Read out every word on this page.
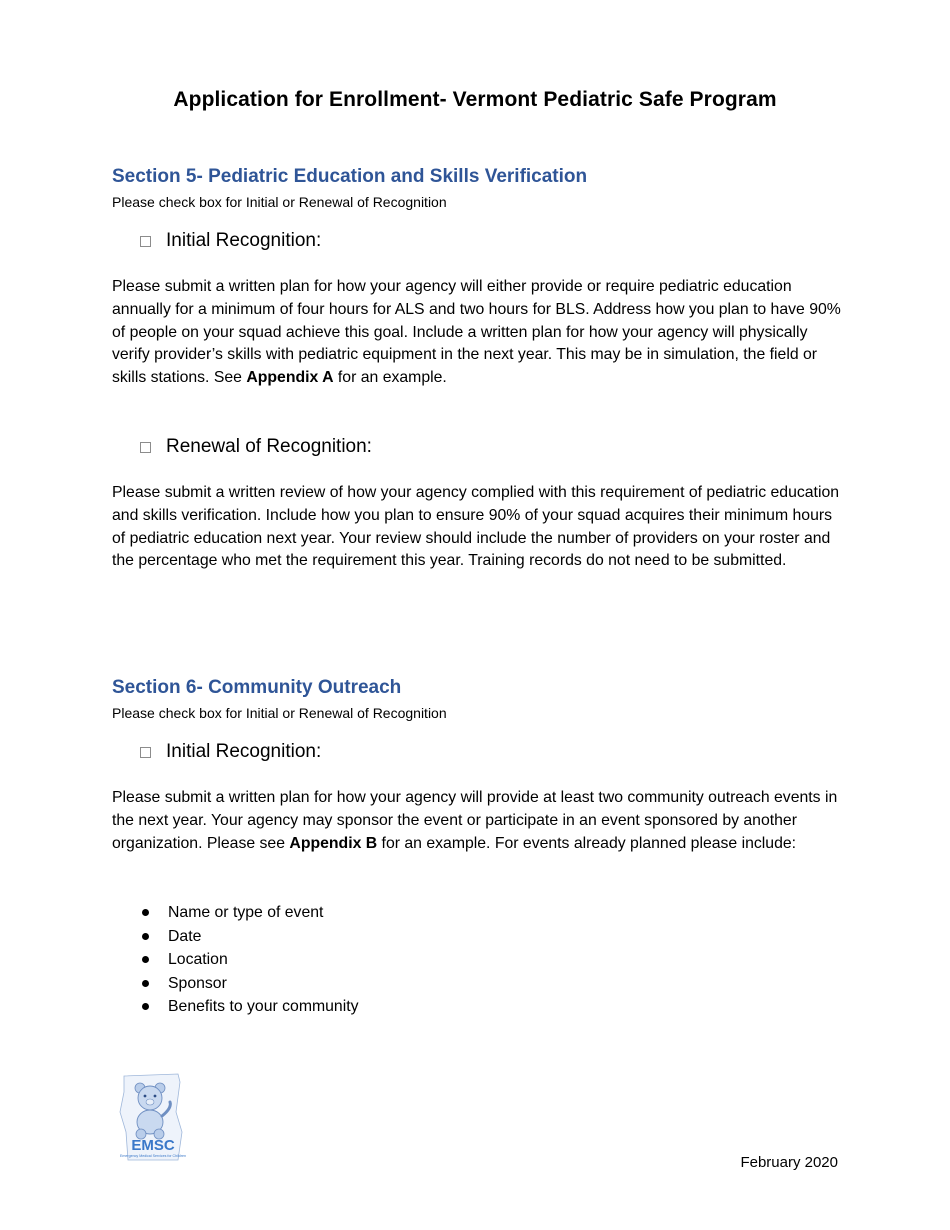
Application for Enrollment- Vermont Pediatric Safe Program
Section 5- Pediatric Education and Skills Verification
Please check box for Initial or Renewal of Recognition
Initial Recognition:
Please submit a written plan for how your agency will either provide or require pediatric education annually for a minimum of four hours for ALS and two hours for BLS. Address how you plan to have 90% of people on your squad achieve this goal. Include a written plan for how your agency will physically verify provider’s skills with pediatric equipment in the next year. This may be in simulation, the field or skills stations. See Appendix A for an example.
Renewal of Recognition:
Please submit a written review of how your agency complied with this requirement of pediatric education and skills verification. Include how you plan to ensure 90% of your squad acquires their minimum hours of pediatric education next year. Your review should include the number of providers on your roster and the percentage who met the requirement this year. Training records do not need to be submitted.
Section 6- Community Outreach
Please check box for Initial or Renewal of Recognition
Initial Recognition:
Please submit a written plan for how your agency will provide at least two community outreach events in the next year. Your agency may sponsor the event or participate in an event sponsored by another organization. Please see Appendix B for an example. For events already planned please include:
Name or type of event
Date
Location
Sponsor
Benefits to your community
EMSC
Emergency Medical Services for Children	February 2020
